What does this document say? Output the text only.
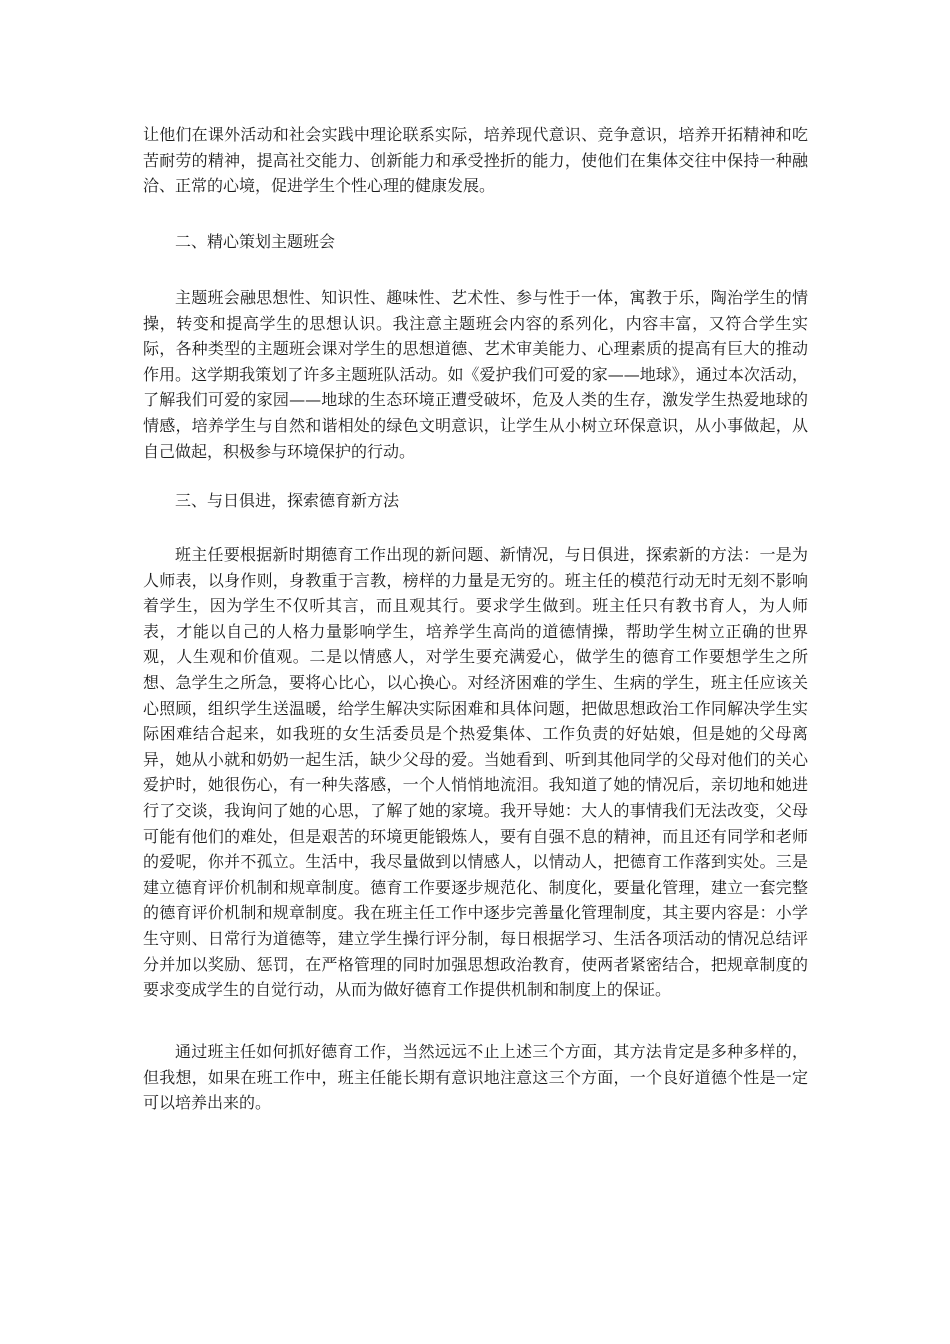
让他们在课外活动和社会实践中理论联系实际，培养现代意识、竞争意识，培养开拓精神和吃苦耐劳的精神，提高社交能力、创新能力和承受挫折的能力，使他们在集体交往中保持一种融洽、正常的心境，促进学生个性心理的健康发展。

二、精心策划主题班会

主题班会融思想性、知识性、趣味性、艺术性、参与性于一体，寓教于乐，陶治学生的情操，转变和提高学生的思想认识。我注意主题班会内容的系列化，内容丰富，又符合学生实际，各种类型的主题班会课对学生的思想道德、艺术审美能力、心理素质的提高有巨大的推动作用。这学期我策划了许多主题班队活动。如《爱护我们可爱的家——地球》，通过本次活动，了解我们可爱的家园——地球的生态环境正遭受破坏，危及人类的生存，激发学生热爱地球的情感，培养学生与自然和谐相处的绿色文明意识，让学生从小树立环保意识，从小事做起，从自己做起，积极参与环境保护的行动。

三、与日俱进，探索德育新方法

班主任要根据新时期德育工作出现的新问题、新情况，与日俱进，探索新的方法：一是为人师表，以身作则，身教重于言教，榜样的力量是无穷的。班主任的模范行动无时无刻不影响着学生，因为学生不仅听其言，而且观其行。要求学生做到。班主任只有教书育人，为人师表，才能以自己的人格力量影响学生，培养学生高尚的道德情操，帮助学生树立正确的世界观，人生观和价值观。二是以情感人，对学生要充满爱心，做学生的德育工作要想学生之所想、急学生之所急，要将心比心，以心换心。对经济困难的学生、生病的学生，班主任应该关心照顾，组织学生送温暖，给学生解决实际困难和具体问题，把做思想政治工作同解决学生实际困难结合起来，如我班的女生活委员是个热爱集体、工作负责的好姑娘，但是她的父母离异，她从小就和奶奶一起生活，缺少父母的爱。当她看到、听到其他同学的父母对他们的关心爱护时，她很伤心，有一种失落感，一个人悄悄地流泪。我知道了她的情况后，亲切地和她进行了交谈，我询问了她的心思，了解了她的家境。我开导她：大人的事情我们无法改变，父母可能有他们的难处，但是艰苦的环境更能锻炼人，要有自强不息的精神，而且还有同学和老师的爱呢，你并不孤立。生活中，我尽量做到以情感人，以情动人，把德育工作落到实处。三是建立德育评价机制和规章制度。德育工作要逐步规范化、制度化，要量化管理，建立一套完整的德育评价机制和规章制度。我在班主任工作中逐步完善量化管理制度，其主要内容是：小学生守则、日常行为道德等，建立学生操行评分制，每日根据学习、生活各项活动的情况总结评分并加以奖励、惩罚，在严格管理的同时加强思想政治教育，使两者紧密结合，把规章制度的要求变成学生的自觉行动，从而为做好德育工作提供机制和制度上的保证。

通过班主任如何抓好德育工作，当然远远不止上述三个方面，其方法肯定是多种多样的，但我想，如果在班工作中，班主任能长期有意识地注意这三个方面，一个良好道德个性是一定可以培养出来的。
